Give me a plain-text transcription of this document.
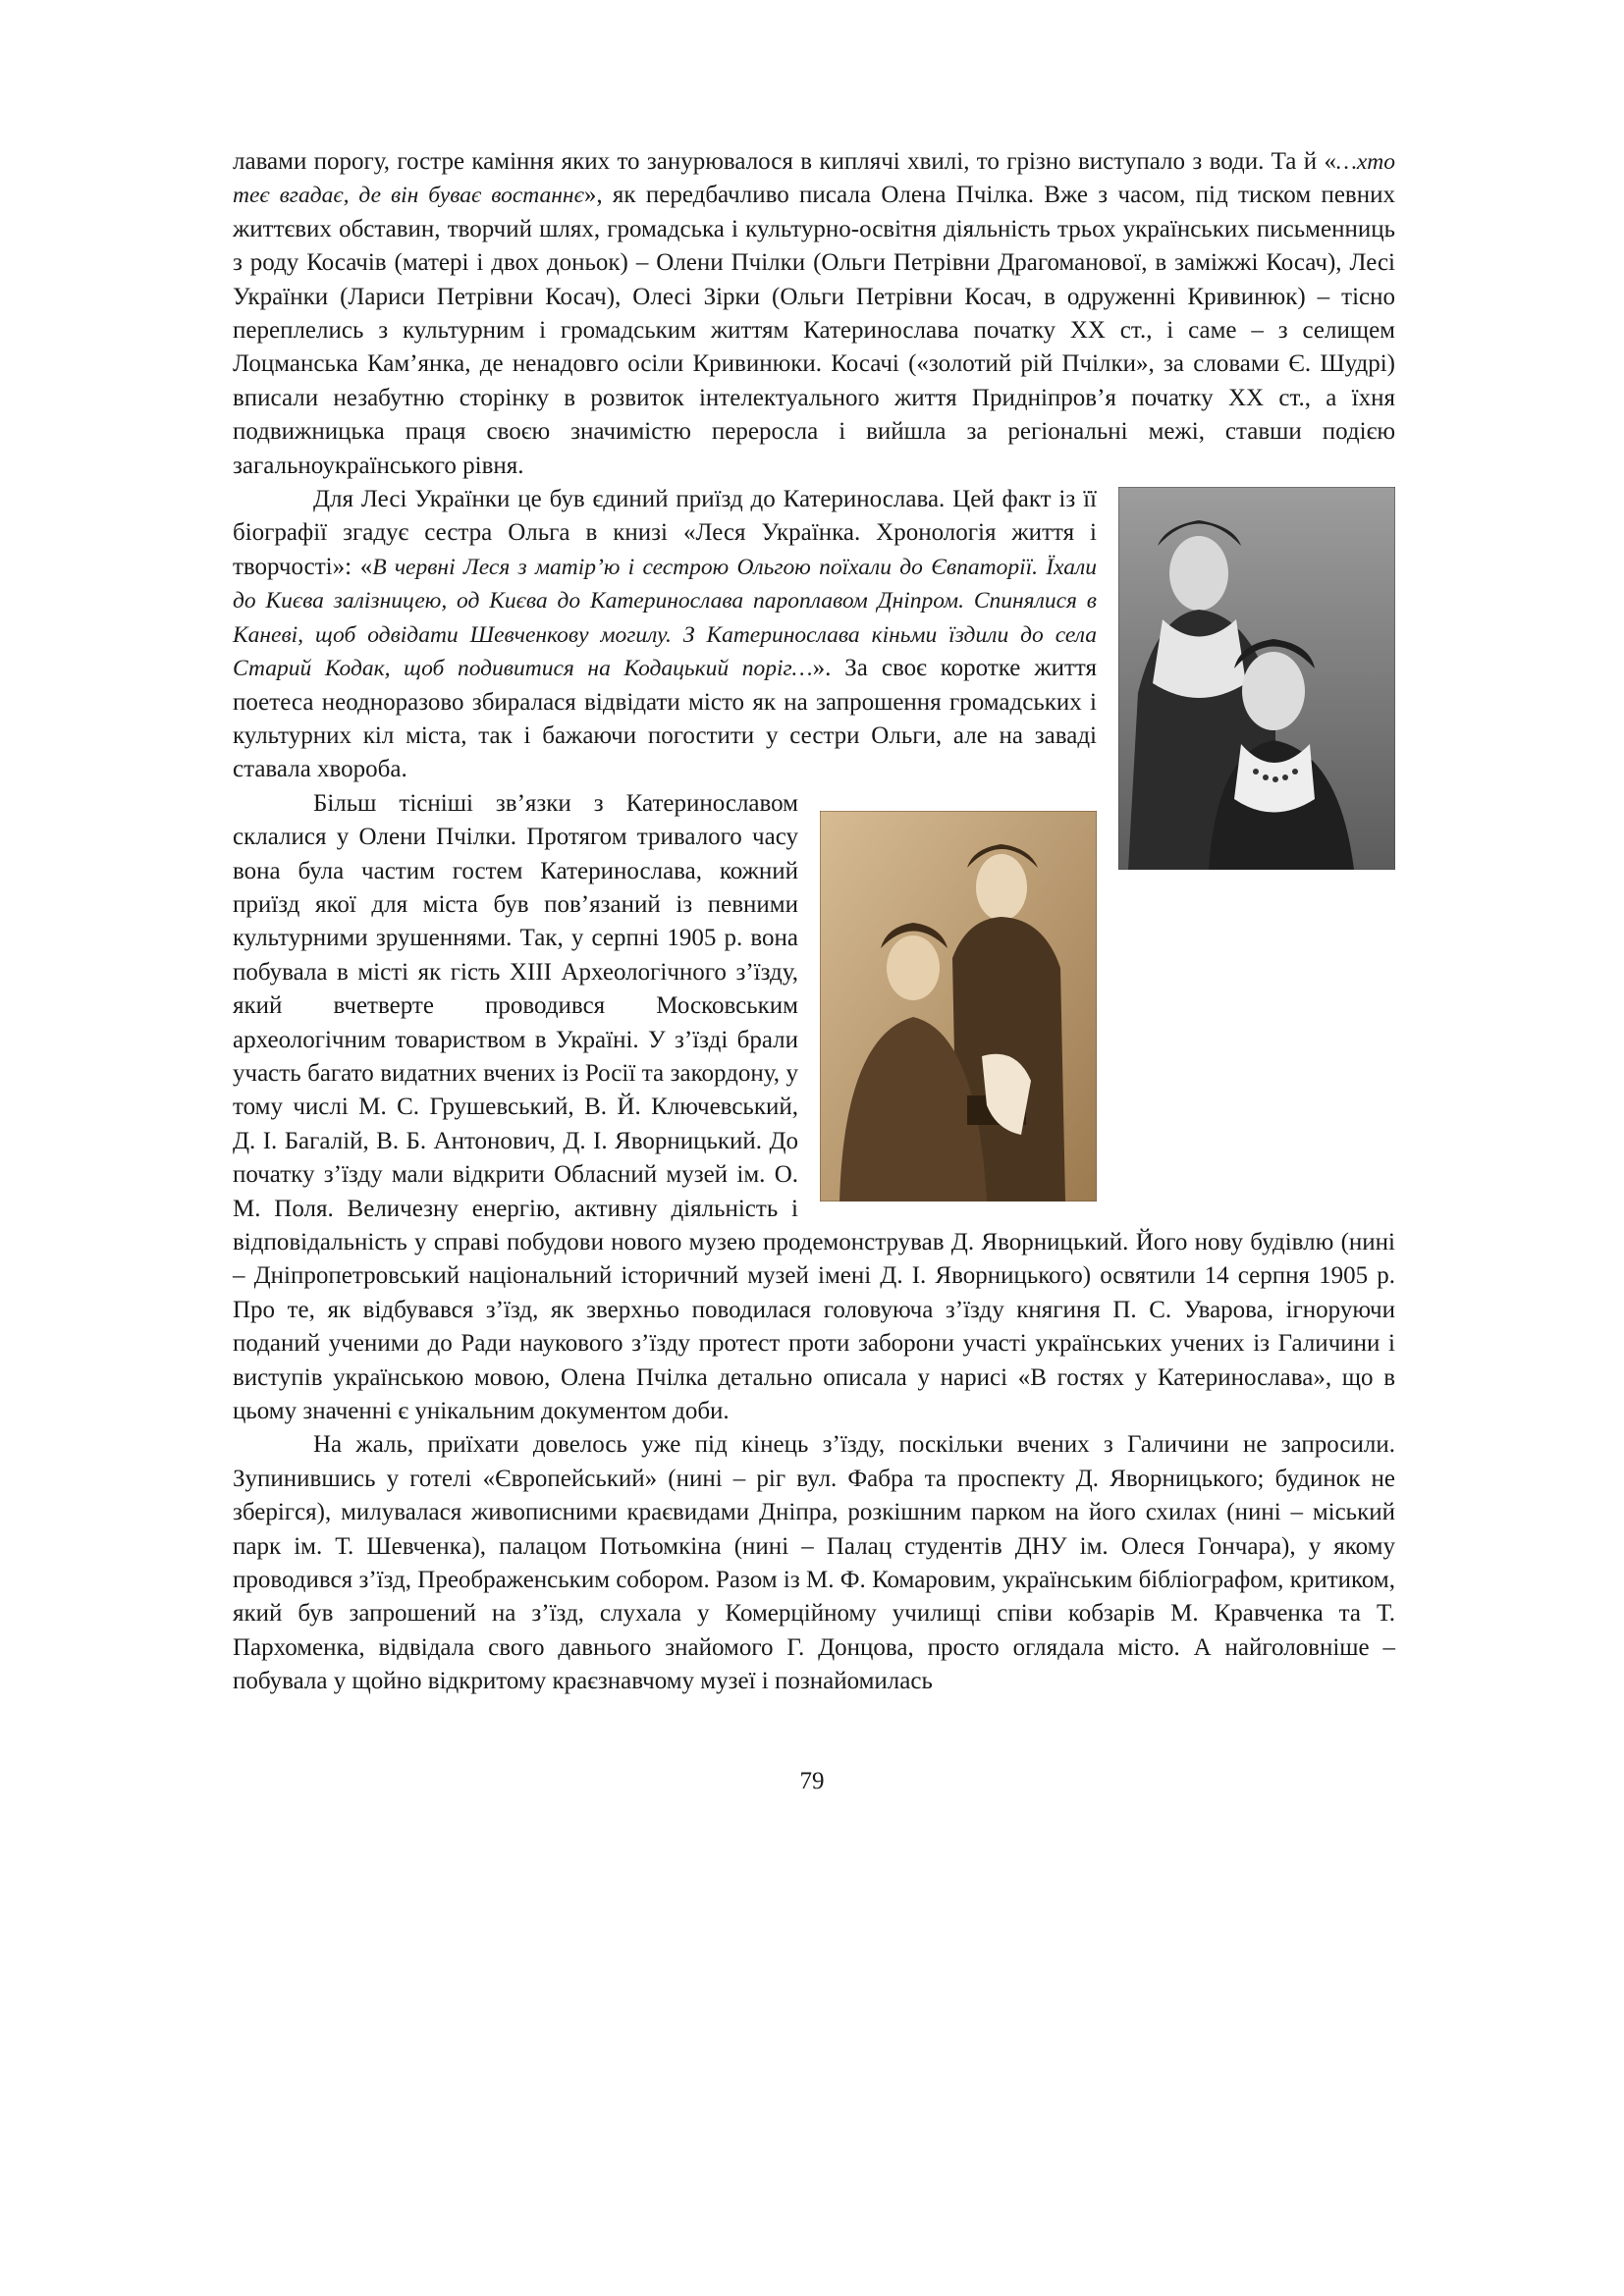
лавами порогу, гостре каміння яких то занурювалося в киплячі хвилі, то грізно виступало з води. Та й «…хто теє вгадає, де він буває востаннє», як передбачливо писала Олена Пчілка. Вже з часом, під тиском певних життєвих обставин, творчий шлях, громадська і культурно-освітня діяльність трьох українських письменниць з роду Косачів (матері і двох доньок) – Олени Пчілки (Ольги Петрівни Драгоманової, в заміжжі Косач), Лесі Українки (Лариси Петрівни Косач), Олесі Зірки (Ольги Петрівни Косач, в одруженні Кривинюк) – тісно переплелись з культурним і громадським життям Катеринослава початку ХХ ст., і саме – з селищем Лоцманська Кам’янка, де ненадовго осіли Кривинюки. Косачі («золотий рій Пчілки», за словами Є. Шудрі) вписали незабутню сторінку в розвиток інтелектуального життя Придніпров’я початку ХХ ст., а їхня подвижницька праця своєю значимістю переросла і вийшла за регіональні межі, ставши подією загальноукраїнського рівня.

Для Лесі Українки це був єдиний приїзд до Катеринослава. Цей факт із її біографії згадує сестра Ольга в книзі «Леся Українка. Хронологія життя і творчості»: «В червні Леся з матір’ю і сестрою Ольгою поїхали до Євпаторії. Їхали до Києва залізницею, од Києва до Катеринослава пароплавом Дніпром. Спинялися в Каневі, щоб одвідати Шевченкову могилу. З Катеринослава кіньми їздили до села Старий Кодак, щоб подивитися на Кодацький поріг…». За своє коротке життя поетеса неодноразово збиралася відвідати місто як на запрошення громадських і культурних кіл міста, так і бажаючи погостити у сестри Ольги, але на заваді ставала хвороба.

Більш тісніші зв’язки з Катеринославом склалися у Олени Пчілки. Протягом тривалого часу вона була частим гостем Катеринослава, кожний приїзд якої для міста був пов’язаний із певними культурними зрушеннями. Так, у серпні 1905 р. вона побувала в місті як гість XIII Археологічного з’їзду, який вчетверте проводився Московським археологічним товариством в Україні. У з’їзді брали участь багато видатних вчених із Росії та закордону, у тому числі М. С. Грушевський, В. Й. Ключевський, Д. І. Багалій, В. Б. Антонович, Д. І. Яворницький. До початку з’їзду мали відкрити Обласний музей ім. О. М. Поля. Величезну енергію, активну діяльність і відповідальність у справі побудови нового музею продемонстрував Д. Яворницький. Його нову будівлю (нині – Дніпропетровський національний історичний музей імені Д. І. Яворницького) освятили 14 серпня 1905 р. Про те, як відбувався з’їзд, як зверхньо поводилася головуюча з’їзду княгиня П. С. Уварова, ігноруючи поданий ученими до Ради наукового з’їзду протест проти заборони участі українських учених із Галичини і виступів українською мовою, Олена Пчілка детально описала у нарисі «В гостях у Катеринослава», що в цьому значенні є унікальним документом доби.

На жаль, приїхати довелось уже під кінець з’їзду, поскільки вчених з Галичини не запросили. Зупинившись у готелі «Європейський» (нині – ріг вул. Фабра та проспекту Д. Яворницького; будинок не зберігся), милувалася живописними краєвидами Дніпра, розкішним парком на його схилах (нині – міський парк ім. Т. Шевченка), палацом Потьомкіна (нині – Палац студентів ДНУ ім. Олеся Гончара), у якому проводився з’їзд, Преображенським собором. Разом із М. Ф. Комаровим, українським бібліографом, критиком, який був запрошений на з’їзд, слухала у Комерційному училищі співи кобзарів М. Кравченка та Т. Пархоменка, відвідала свого давнього знайомого Г. Донцова, просто оглядала місто. А найголовніше – побувала у щойно відкритому краєзнавчому музеї і познайомилась

79
